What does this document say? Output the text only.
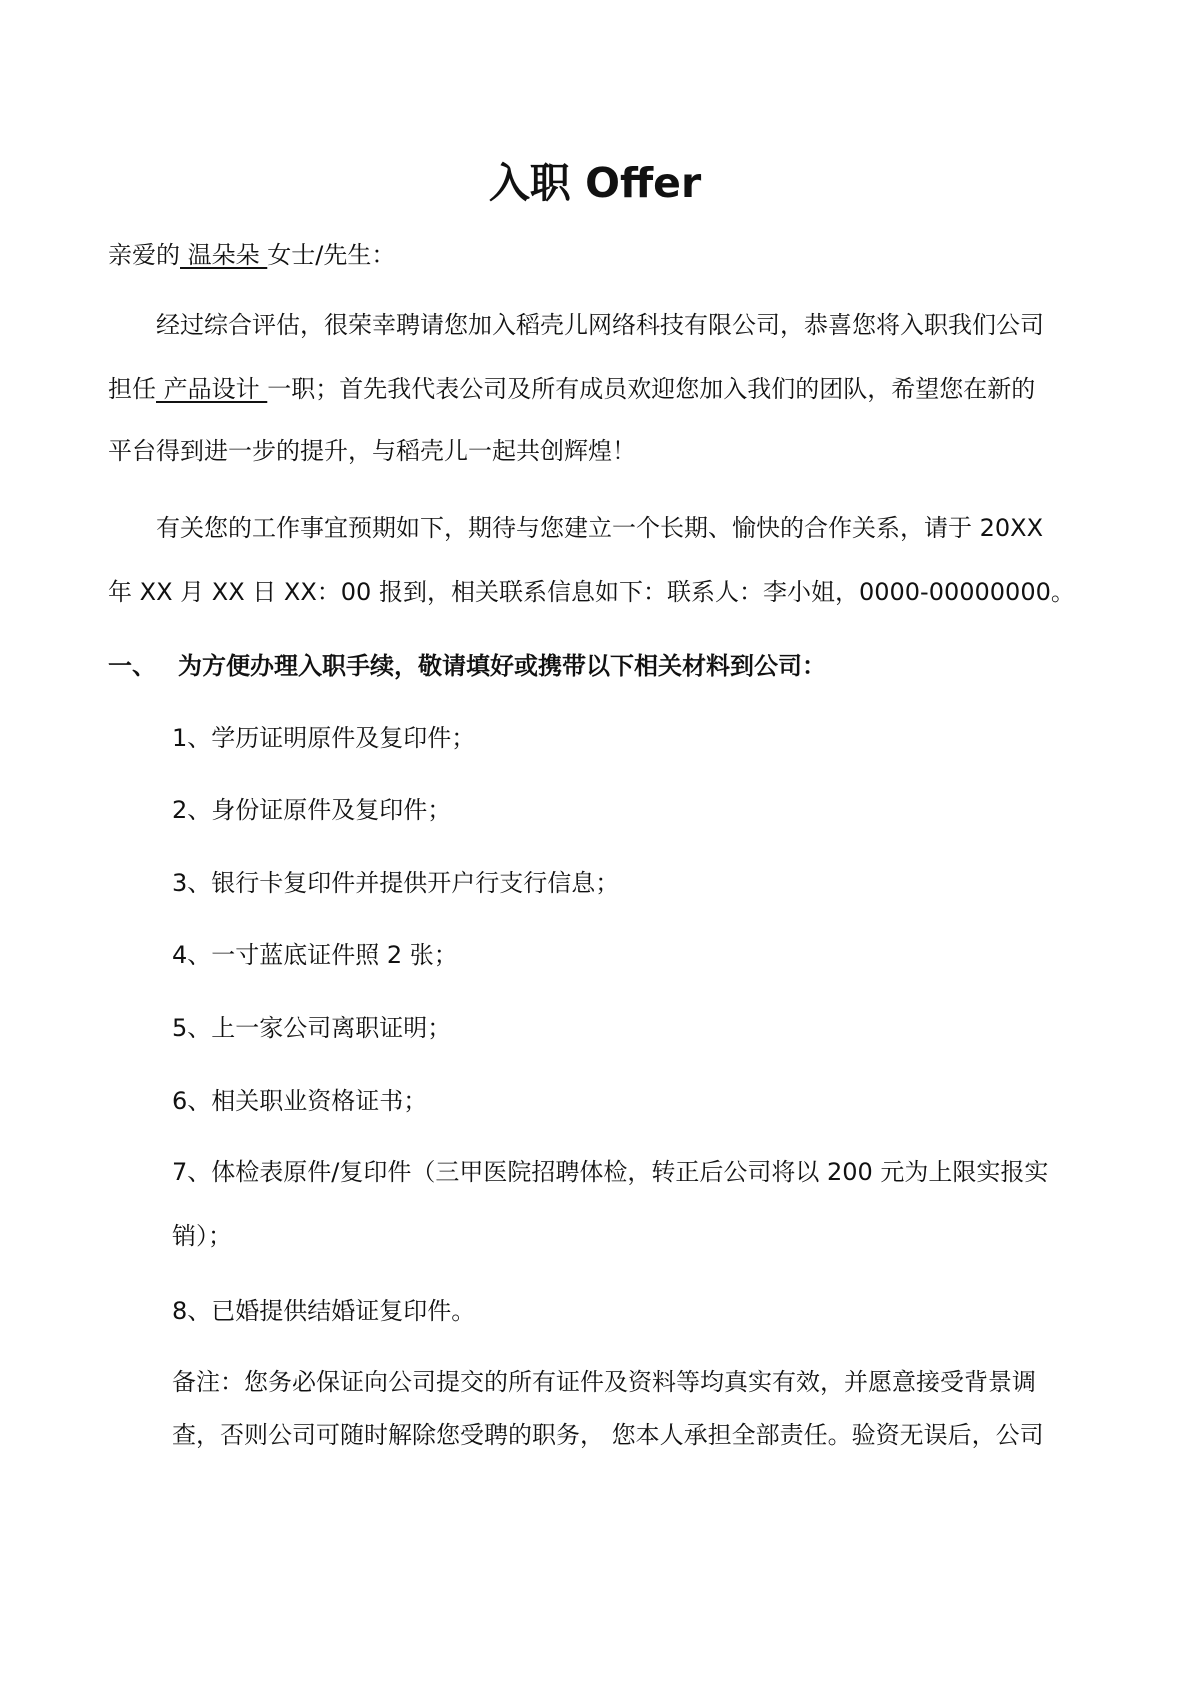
入职 Offer
亲爱的 温朵朵 女士/先生：
经过综合评估，很荣幸聘请您加入稻壳儿网络科技有限公司，恭喜您将入职我们公司
担任 产品设计 一职；首先我代表公司及所有成员欢迎您加入我们的团队，希望您在新的
平台得到进一步的提升，与稻壳儿一起共创辉煌！
有关您的工作事宜预期如下，期待与您建立一个长期、愉快的合作关系，请于 20XX
年 XX 月 XX 日 XX：00 报到，相关联系信息如下：联系人：李小姐，0000-00000000。
一、 为方便办理入职手续，敬请填好或携带以下相关材料到公司：
1、学历证明原件及复印件；
2、身份证原件及复印件；
3、银行卡复印件并提供开户行支行信息；
4、一寸蓝底证件照 2 张；
5、上一家公司离职证明；
6、相关职业资格证书；
7、体检表原件/复印件（三甲医院招聘体检，转正后公司将以 200 元为上限实报实
销）；
8、已婚提供结婚证复印件。
备注：您务必保证向公司提交的所有证件及资料等均真实有效，并愿意接受背景调
查，否则公司可随时解除您受聘的职务， 您本人承担全部责任。验资无误后，公司
